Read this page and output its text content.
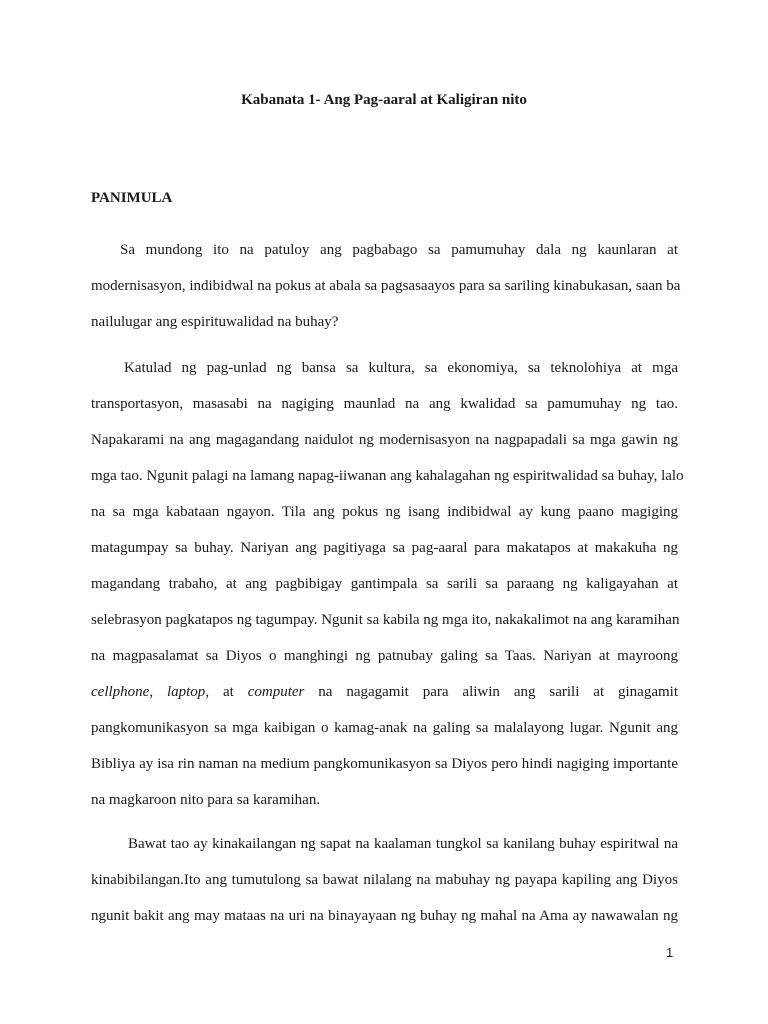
Kabanata 1- Ang Pag-aaral at Kaligiran nito
PANIMULA
Sa mundong ito na patuloy ang pagbabago sa pamumuhay dala ng kaunlaran at
modernisasyon, indibidwal na pokus at abala sa pagsasaayos para sa sariling kinabukasan, saan ba
nailulugar ang espirituwalidad na buhay?
Katulad ng pag-unlad ng bansa sa kultura, sa ekonomiya, sa teknolohiya at mga
transportasyon, masasabi na nagiging maunlad na ang kwalidad sa pamumuhay ng tao.
Napakarami na ang magagandang naidulot ng modernisasyon na nagpapadali sa mga gawin ng
mga tao. Ngunit palagi na lamang napag-iiwanan ang kahalagahan ng espiritwalidad sa buhay, lalo
na sa mga kabataan ngayon. Tila ang pokus ng isang indibidwal ay kung paano magiging
matagumpay sa buhay. Nariyan ang pagitiyaga sa pag-aaral para makatapos at makakuha ng
magandang trabaho, at ang pagbibigay gantimpala sa sarili sa paraang ng kaligayahan at
selebrasyon pagkatapos ng tagumpay. Ngunit sa kabila ng mga ito, nakakalimot na ang karamihan
na magpasalamat sa Diyos o manghingi ng patnubay galing sa Taas. Nariyan at mayroong
cellphone, laptop, at computer na nagagamit para aliwin ang sarili at ginagamit
pangkomunikasyon sa mga kaibigan o kamag-anak na galing sa malalayong lugar. Ngunit ang
Bibliya ay isa rin naman na medium pangkomunikasyon sa Diyos pero hindi nagiging importante
na magkaroon nito para sa karamihan.
Bawat tao ay kinakailangan ng sapat na kaalaman tungkol sa kanilang buhay espiritwal na
kinabibilangan.Ito ang tumutulong sa bawat nilalang na mabuhay ng payapa kapiling ang Diyos
ngunit bakit ang may mataas na uri na binayayaan ng buhay ng mahal na Ama ay nawawalan ng
1
